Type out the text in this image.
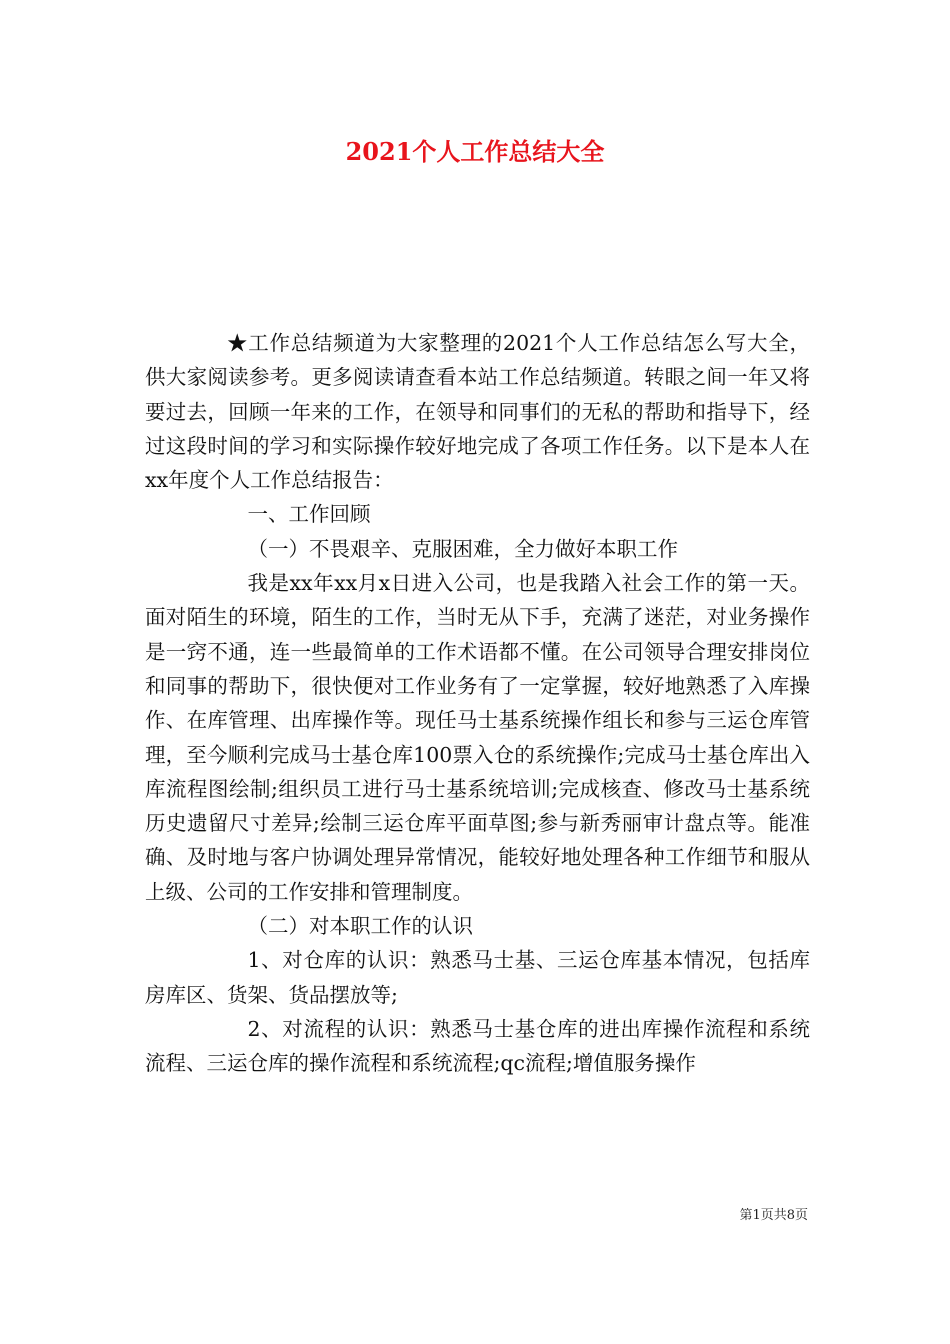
2021个人工作总结大全

★工作总结频道为大家整理的2021个人工作总结怎么写大全，供大家阅读参考。更多阅读请查看本站工作总结频道。转眼之间一年又将要过去，回顾一年来的工作，在领导和同事们的无私的帮助和指导下，经过这段时间的学习和实际操作较好地完成了各项工作任务。以下是本人在xx年度个人工作总结报告：

一、工作回顾

（一）不畏艰辛、克服困难，全力做好本职工作

我是xx年xx月x日进入公司，也是我踏入社会工作的第一天。面对陌生的环境，陌生的工作，当时无从下手，充满了迷茫，对业务操作是一窍不通，连一些最简单的工作术语都不懂。在公司领导合理安排岗位和同事的帮助下，很快便对工作业务有了一定掌握，较好地熟悉了入库操作、在库管理、出库操作等。现任马士基系统操作组长和参与三运仓库管理，至今顺利完成马士基仓库100票入仓的系统操作;完成马士基仓库出入库流程图绘制;组织员工进行马士基系统培训;完成核查、修改马士基系统历史遗留尺寸差异;绘制三运仓库平面草图;参与新秀丽审计盘点等。能准确、及时地与客户协调处理异常情况，能较好地处理各种工作细节和服从上级、公司的工作安排和管理制度。

（二）对本职工作的认识

1、对仓库的认识：熟悉马士基、三运仓库基本情况，包括库房库区、货架、货品摆放等;

2、对流程的认识：熟悉马士基仓库的进出库操作流程和系统流程、三运仓库的操作流程和系统流程;qc流程;增值服务操作

第1页共8页
